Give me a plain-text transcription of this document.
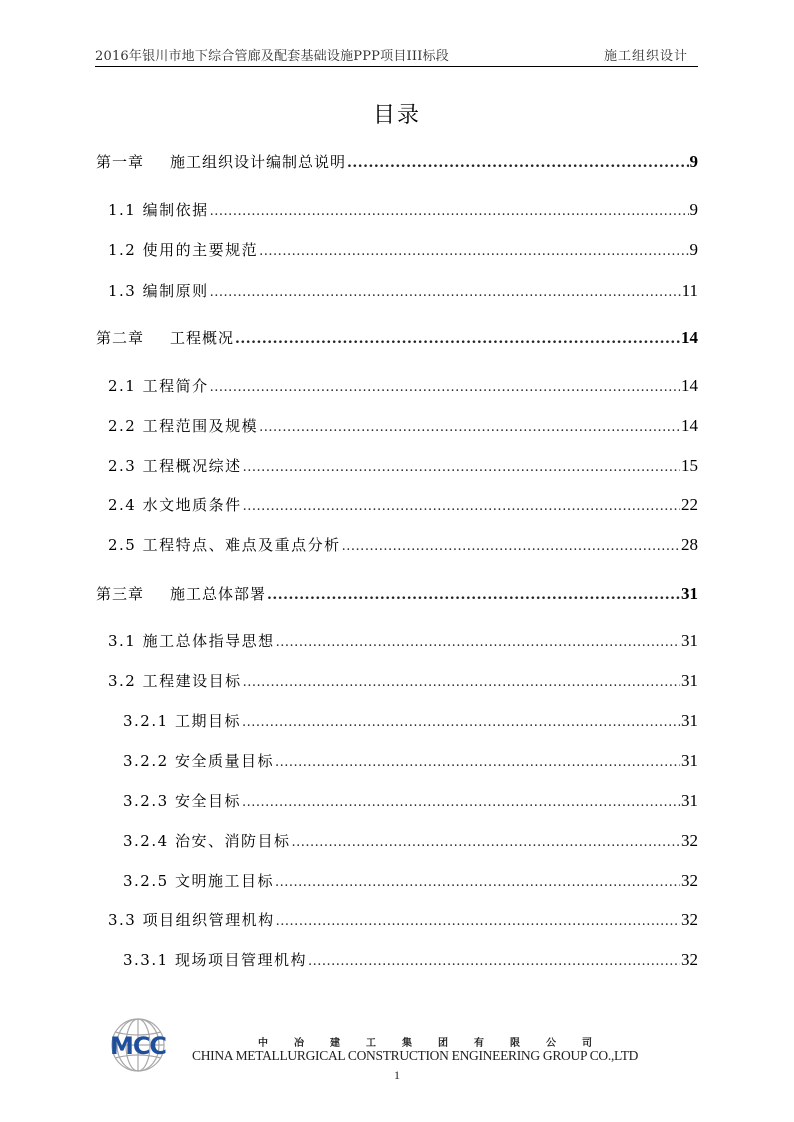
2016年银川市地下综合管廊及配套基础设施PPP项目III标段	施工组织设计
目录
第一章 施工组织设计编制总说明 .....	9
1.1 编制依据 .....	9
1.2 使用的主要规范 .....	9
1.3 编制原则 .....	11
第二章 工程概况 .....	14
2.1 工程简介 .....	14
2.2 工程范围及规模 .....	14
2.3 工程概况综述 .....	15
2.4 水文地质条件 .....	22
2.5 工程特点、难点及重点分析 .....	28
第三章 施工总体部署 .....	31
3.1 施工总体指导思想 .....	31
3.2 工程建设目标 .....	31
3.2.1 工期目标 .....	31
3.2.2 安全质量目标 .....	31
3.2.3 安全目标 .....	31
3.2.4 治安、消防目标 .....	32
3.2.5 文明施工目标 .....	32
3.3 项目组织管理机构 .....	32
3.3.1 现场项目管理机构 .....	32
MCC	中冶建工集团有限公司
CHINA METALLURGICAL CONSTRUCTION ENGINEERING GROUP CO.,LTD
1
